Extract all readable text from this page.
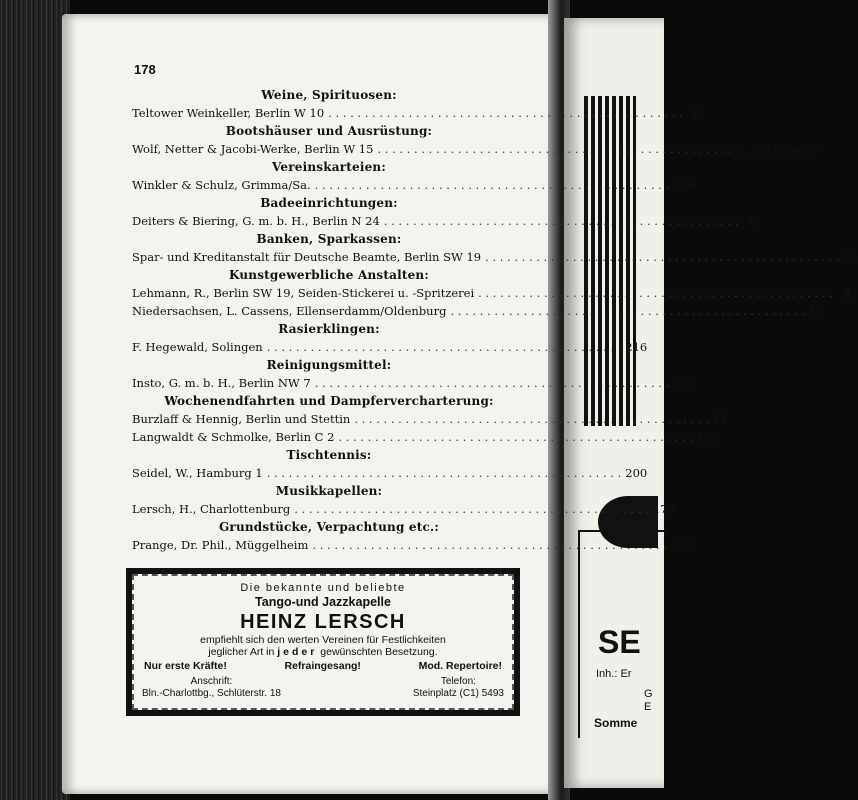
SE
Inh.: Er
G
E
Somme
178
Weine, Spirituosen:
Teltower Weinkeller, Berlin W 10 . . .	6
Bootshäuser und Ausrüstung:
Wolf, Netter & Jacobi-Werke, Berlin W 15 . . .	3. Deckelseite
Vereinskarteien:
Winkler & Schulz, Grimma/Sa. . . .	206
Badeeinrichtungen:
Deiters & Biering, G. m. b. H., Berlin N 24 . . .	8
Banken, Sparkassen:
Spar- und Kreditanstalt für Deutsche Beamte, Berlin SW 19 . . .	36
Kunstgewerbliche Anstalten:
Lehmann, R., Berlin SW 19, Seiden-Stickerei u. -Spritzerei . . .	4
Niedersachsen, L. Cassens, Ellenserdamm/Oldenburg . . .	10
Rasierklingen:
F. Hegewald, Solingen . . .	216
Reinigungsmittel:
Insto, G. m. b. H., Berlin NW 7 . . .	202
Wochenendfahrten und Dampfervercharterung:
Burzlaff & Hennig, Berlin und Stettin . . .	14
Langwaldt & Schmolke, Berlin C 2 . . .	188
Tischtennis:
Seidel, W., Hamburg 1 . . .	200
Musikkapellen:
Lersch, H., Charlottenburg . . .	178
Grundstücke, Verpachtung etc.:
Prange, Dr. Phil., Müggelheim . . .	218
Die bekannte und beliebte
Tango-und Jazzkapelle
HEINZ LERSCH
empfiehlt sich den werten Vereinen für Festlichkeiten
jeglicher Art in jeder gewünschten Besetzung.
Nur erste Kräfte!	Refraingesang!	Mod. Repertoire!
Anschrift:
Bln.-Charlottbg., Schlüterstr. 18
Telefon:
Steinplatz (C1) 5493
